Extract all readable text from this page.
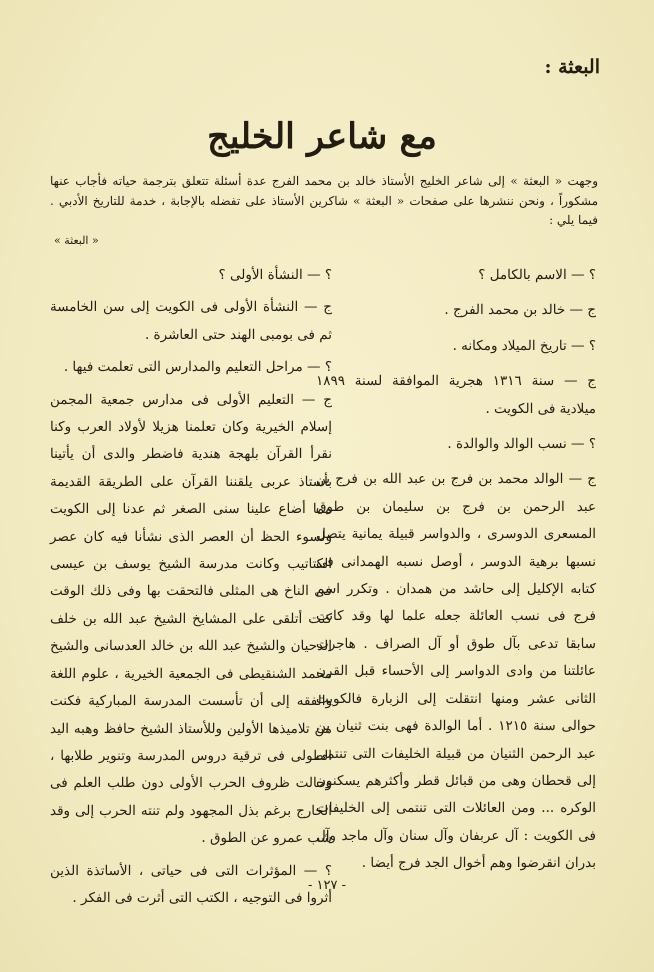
البعثة :
مع شاعر الخليج
وجهت « البعثة » إلى شاعر الخليج الأستاذ خالد بن محمد الفرج عدة أسئلة تتعلق بترجمة حياته فأجاب عنها مشكوراً ، ونحن ننشرها على صفحات « البعثة » شاكرين الأستاذ على تفضله بالإجابة ، خدمة للتاريخ الأدبي . فيما يلي :
« البعثة »

؟ — الاسم بالكامل ؟

ج — خالد بن محمد الفرج .

؟ — تاريخ الميلاد ومكانه .

ج — سنة ١٣١٦ هجرية الموافقة لسنة ١٨٩٩ ميلادية فى الكويت .

؟ — نسب الوالد والوالدة .

ج — الوالد محمد بن فرج بن عبد الله بن فرج بن عبد الرحمن بن فرج بن سليمان بن طوق المسعرى الدوسرى ، والدواسر قبيلة يمانية يتصل نسبها برهية الدوسر ، أوصل نسبه الهمدانى فى كتابه الإكليل إلى حاشد من همدان . وتكرر اسم فرج فى نسب العائلة جعله علما لها وقد كانت سابقا تدعى بآل طوق أو آل الصراف . هاجرت عائلتنا من وادى الدواسر إلى الأحساء قبل القرن الثانى عشر ومنها انتقلت إلى الزبارة فالكويت حوالى سنة ١٢١٥ . أما الوالدة فهى بنت ثنيان بن عبد الرحمن الثنيان من قبيلة الخليفات التى تنتمى إلى قحطان وهى من قبائل قطر وأكثرهم يسكنون الوكره ... ومن العائلات التى تنتمى إلى الخليفات فى الكويت : آل عربفان وآل سنان وآل ماجد وآل بدران انقرضوا وهم أخوال الجد فرج أيضا .

؟ — النشأة الأولى ؟

ج — النشأة الأولى فى الكويت إلى سن الخامسة ثم فى بومبى الهند حتى العاشرة .

؟ — مراحل التعليم والمدارس التى تعلمت فيها .

ج — التعليم الأولى فى مدارس جمعية المجمن إسلام الخيرية وكان تعلمنا هزيلا لأولاد العرب وكنا نقرأ القرآن بلهجة هندية فاضطر والدى أن يأتينا بأستاذ عربى يلقننا القرآن على الطريقة القديمة مما أضاع علينا سنى الصغر ثم عدنا إلى الكويت ولسوء الحظ أن العصر الذى نشأنا فيه كان عصر الكتاتيب وكانت مدرسة الشيخ يوسف بن عيسى فى الناخ هى المثلى فالتحقت بها وفى ذلك الوقت كنت أتلقى على المشايخ الشيخ عبد الله بن خلف الدحيان والشيخ عبد الله بن خالد العدسانى والشيخ محمد الشنقيطى فى الجمعية الخيرية ، علوم اللغة والفقه إلى أن تأسست المدرسة المباركية فكنت من تلاميذها الأولين وللأستاذ الشيخ حافظ وهبه اليد الطولى فى ترقية دروس المدرسة وتنوير طلابها ، وحالت ظروف الحرب الأولى دون طلب العلم فى الخارج برغم بذل المجهود ولم تنته الحرب إلى وقد شب عمرو عن الطوق .

؟ — المؤثرات التى فى حياتى ، الأساتذة الذين أثروا فى التوجيه ، الكتب التى أثرت فى الفكر .

- ١٢٧ -
